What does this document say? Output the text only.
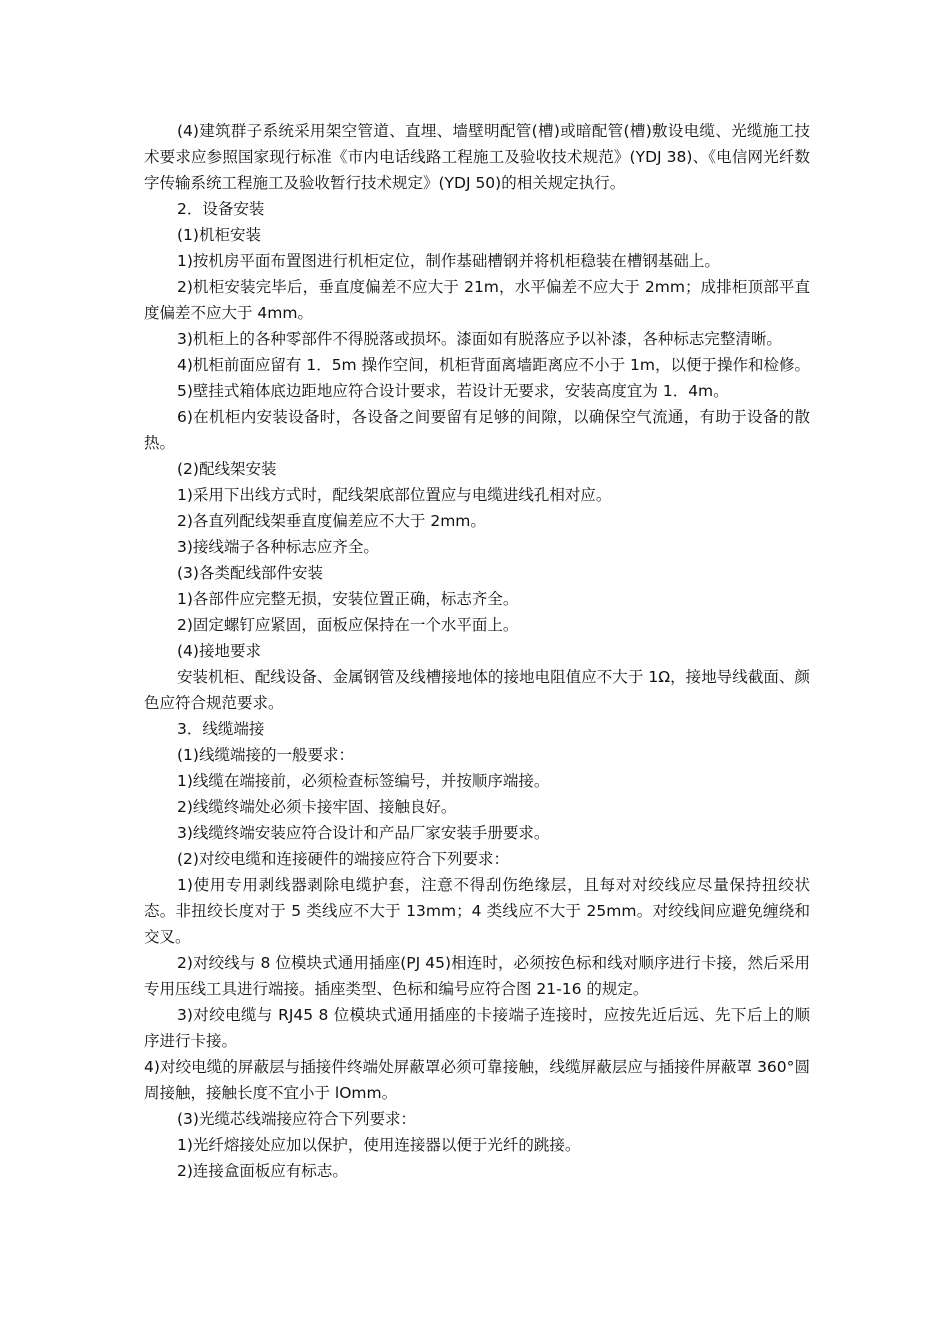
(4)建筑群子系统采用架空管道、直埋、墙壁明配管(槽)或暗配管(槽)敷设电缆、光缆施工技术要求应参照国家现行标准《市内电话线路工程施工及验收技术规范》(YDJ 38)、《电信网光纤数字传输系统工程施工及验收暂行技术规定》(YDJ 50)的相关规定执行。

2．设备安装

(1)机柜安装

1)按机房平面布置图进行机柜定位，制作基础槽钢并将机柜稳装在槽钢基础上。

2)机柜安装完毕后，垂直度偏差不应大于 21m，水平偏差不应大于 2mm；成排柜顶部平直度偏差不应大于 4mm。

3)机柜上的各种零部件不得脱落或损坏。漆面如有脱落应予以补漆，各种标志完整清晰。

4)机柜前面应留有 1．5m 操作空间，机柜背面离墙距离应不小于 1m，以便于操作和检修。

5)壁挂式箱体底边距地应符合设计要求，若设计无要求，安装高度宜为 1．4m。

6)在机柜内安装设备时，各设备之间要留有足够的间隙，以确保空气流通，有助于设备的散热。

(2)配线架安装

1)采用下出线方式时，配线架底部位置应与电缆进线孔相对应。

2)各直列配线架垂直度偏差应不大于 2mm。

3)接线端子各种标志应齐全。

(3)各类配线部件安装

1)各部件应完整无损，安装位置正确，标志齐全。

2)固定螺钉应紧固，面板应保持在一个水平面上。

(4)接地要求

安装机柜、配线设备、金属钢管及线槽接地体的接地电阻值应不大于 1Ω，接地导线截面、颜色应符合规范要求。

3．线缆端接

(1)线缆端接的一般要求：

1)线缆在端接前，必须检查标签编号，并按顺序端接。

2)线缆终端处必须卡接牢固、接触良好。

3)线缆终端安装应符合设计和产品厂家安装手册要求。

(2)对绞电缆和连接硬件的端接应符合下列要求：

1)使用专用剥线器剥除电缆护套，注意不得刮伤绝缘层，且每对对绞线应尽量保持扭绞状态。非扭绞长度对于 5 类线应不大于 13mm；4 类线应不大于 25mm。对绞线间应避免缠绕和交叉。

2)对绞线与 8 位模块式通用插座(PJ 45)相连时，必须按色标和线对顺序进行卡接，然后采用专用压线工具进行端接。插座类型、色标和编号应符合图 21-16 的规定。

3)对绞电缆与 RJ45 8 位模块式通用插座的卡接端子连接时，应按先近后远、先下后上的顺序进行卡接。

4)对绞电缆的屏蔽层与插接件终端处屏蔽罩必须可靠接触，线缆屏蔽层应与插接件屏蔽罩 360°圆周接触，接触长度不宜小于 lOmm。

(3)光缆芯线端接应符合下列要求：

1)光纤熔接处应加以保护，使用连接器以便于光纤的跳接。

2)连接盒面板应有标志。
